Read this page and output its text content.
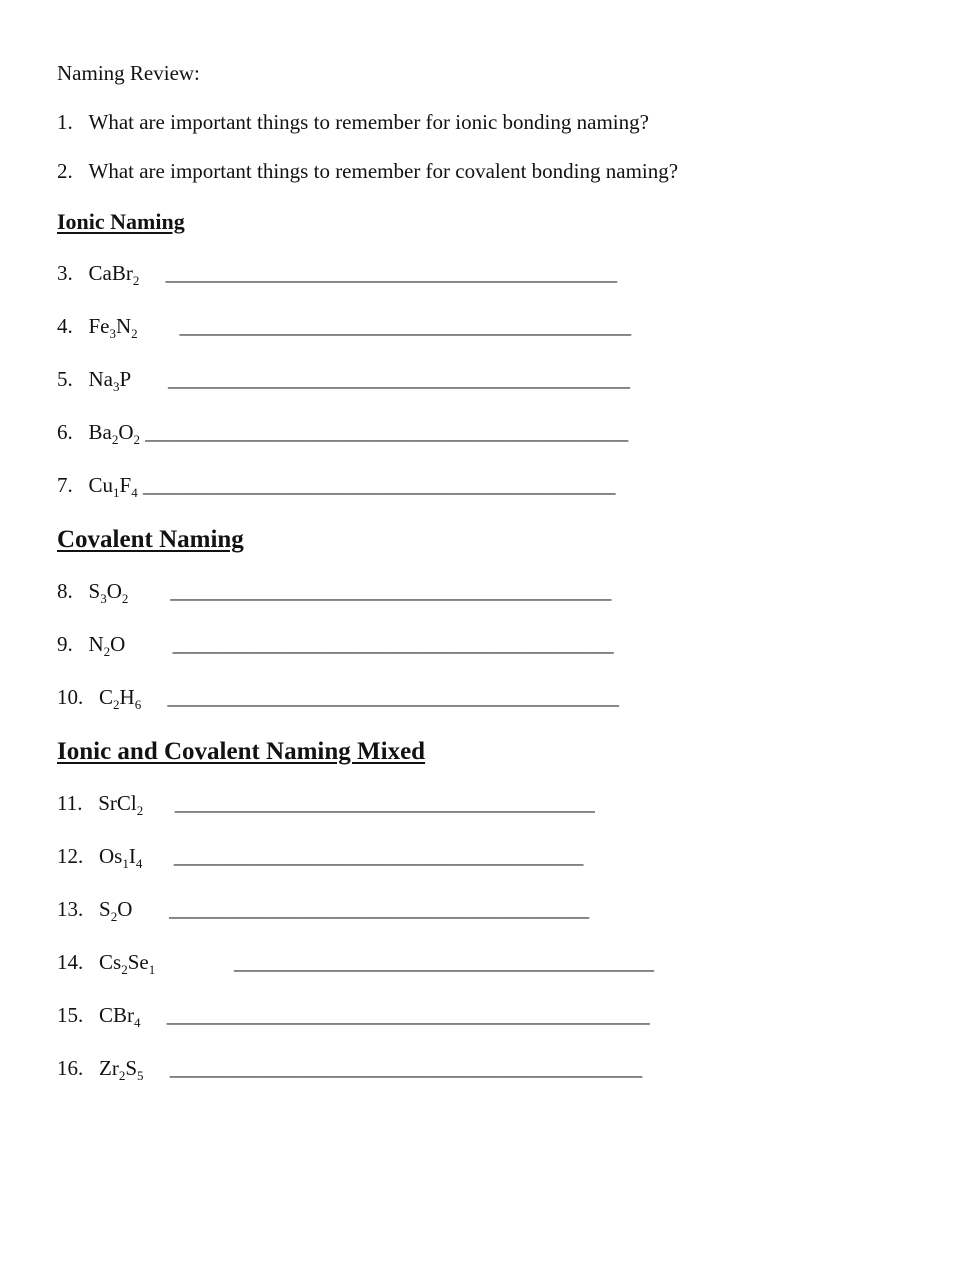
Naming Review:

1. What are important things to remember for ionic bonding naming?

2. What are important things to remember for covalent bonding naming?

Ionic Naming

3. CaBr$_2$ ___________________________________________

4. $Fe_3N_2$ ___________________________________________

5. $Na_3P$ ____________________________________________

6. $Ba_2O_2$ ______________________________________________

7. $Cu_1F_4$ _____________________________________________

Covalent Naming

8. $S_3O_2$ __________________________________________

9. $N_2O$ __________________________________________

10. $C_2H_6$ ___________________________________________

Ionic and Covalent Naming Mixed

11. SrCl$_2$ ________________________________________

12. $Os_1I_4$ _______________________________________

13. $S_2O$ ________________________________________

14. $Cs_2Se_1$	________________________________________

15. CBr$_4$ ______________________________________________

16. $Zr_2S_5$ _____________________________________________
